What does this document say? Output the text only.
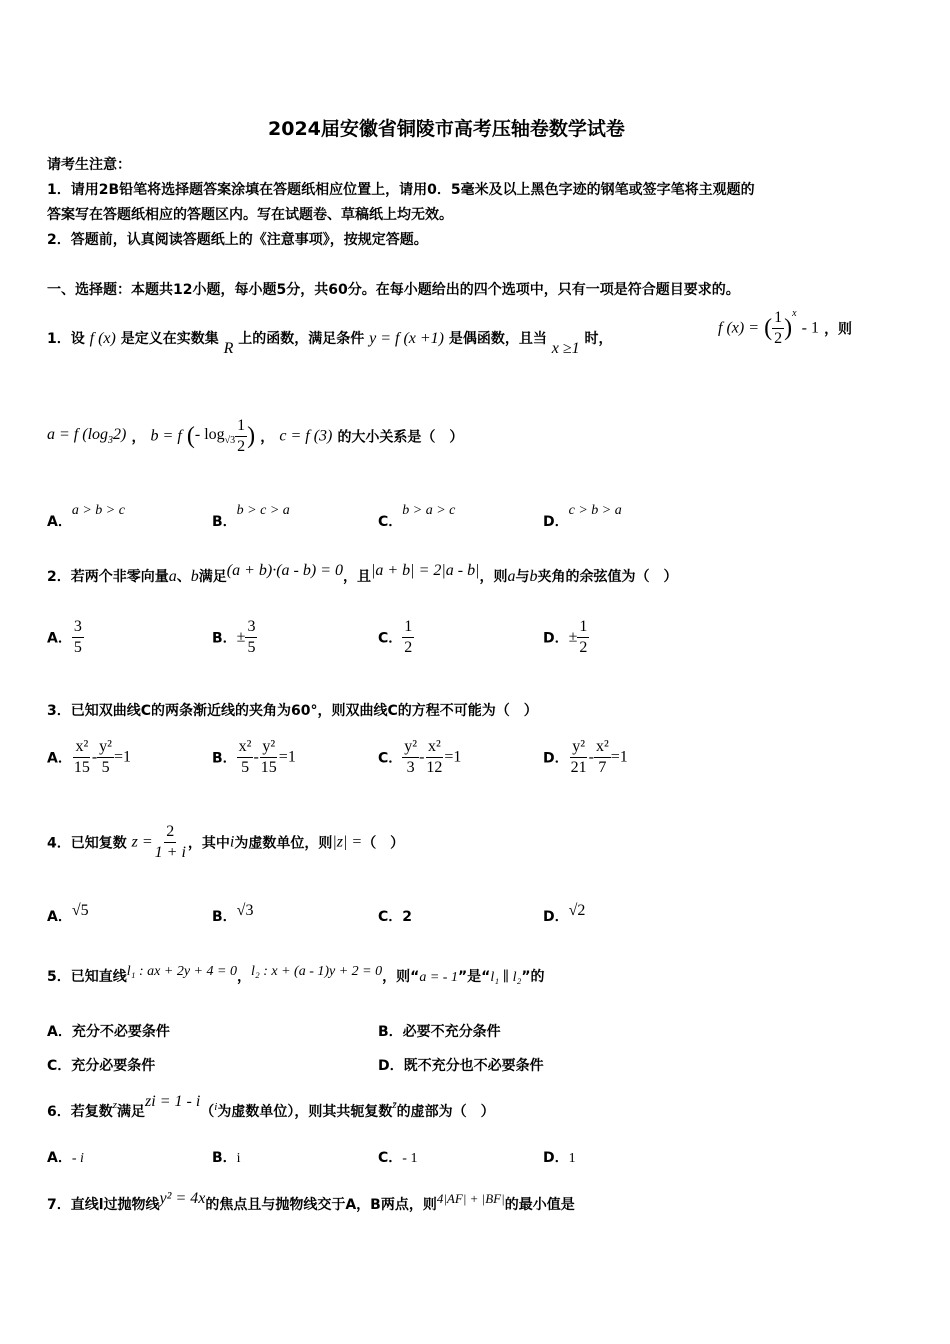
2024届安徽省铜陵市高考压轴卷数学试卷
请考生注意：
1．请用2B铅笔将选择题答案涂填在答题纸相应位置上，请用0．5毫米及以上黑色字迹的钢笔或签字笔将主观题的
答案写在答题纸相应的答题区内。写在试题卷、草稿纸上均无效。
2．答题前，认真阅读答题纸上的《注意事项》，按规定答题。
一、选择题：本题共12小题，每小题5分，共60分。在每小题给出的四个选项中，只有一项是符合题目要求的。
1．设 f (x) 是定义在实数集 R 上的函数，满足条件 y = f (x +1) 是偶函数，且当 x ≥1 时，
f (x) = ( $\frac{1}{2} )^x - 1$ ，则
a = f $(\log_32)$ ， b = f (- $\log_{√3} \frac{1}{2}$ ) ， c = f (3) 的大小关系是（　）
A．a > b > c
B．b > c > a
C．b > a > c
D．c > b > a
2．若两个非零向量a、b满足(a + b)·(a - b) = 0，且|a + b| = 2|a - b|，则a与b夹角的余弦值为（　）
A． $\frac{3}{5}$	B．± $\frac{3}{5}$	C． $\frac{1}{2}$	D．± $\frac{1}{2}$
3．已知双曲线C的两条渐近线的夹角为60°，则双曲线C的方程不可能为（　）
A． $\frac{\text{x²}}{15} - \frac{\text{y²}}{5} =1$	B． $\frac{\text{x²}}{5} - \frac{\text{y²}}{15} =1$	C． $\frac{\text{y²}}{3} - \frac{\text{x²}}{12} =1$	D． $\frac{\text{y²}}{21} - \frac{\text{x²}}{7} =1$
4．已知复数 $z = \frac{2}{1 + i}$ ，其中i为虚数单位，则|z| =（　）
A．√5	B．√3	C．2	D．√2
5．已知直线l₁ : ax + 2y + 4 = 0，l₂ : x + (a - 1)y + 2 = 0，则“a = - 1”是“l₁ ∥ l₂”的
A．充分不必要条件	B．必要不充分条件
C．充分必要条件	D．既不充分也不必要条件
6．若复数$^z$满足zi = 1 - i（$^i$为虚数单位），则其共轭复数$^{z̄}$的虚部为（　）
A．- i	B．i	C．- 1	D．1
7．直线l过抛物线y² = 4x的焦点且与抛物线交于A，B两点，则4|AF| + |BF|的最小值是
